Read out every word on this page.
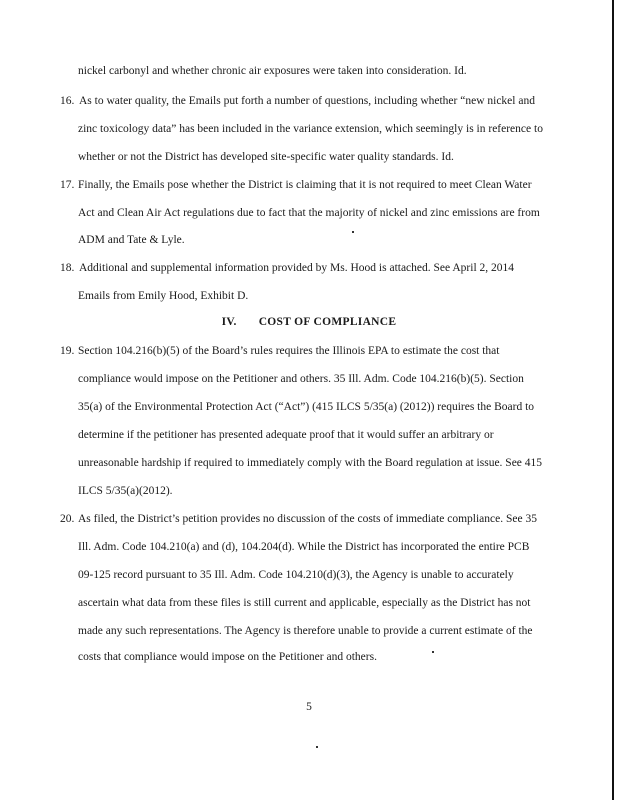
nickel carbonyl and whether chronic air exposures were taken into consideration. Id.
16. As to water quality, the Emails put forth a number of questions, including whether “new nickel and
zinc toxicology data” has been included in the variance extension, which seemingly is in reference to
whether or not the District has developed site-specific water quality standards. Id.
17. Finally, the Emails pose whether the District is claiming that it is not required to meet Clean Water
Act and Clean Air Act regulations due to fact that the majority of nickel and zinc emissions are from
ADM and Tate & Lyle.
18. Additional and supplemental information provided by Ms. Hood is attached. See April 2, 2014
Emails from Emily Hood, Exhibit D.
IV. COST OF COMPLIANCE
19. Section 104.216(b)(5) of the Board’s rules requires the Illinois EPA to estimate the cost that
compliance would impose on the Petitioner and others. 35 Ill. Adm. Code 104.216(b)(5). Section
35(a) of the Environmental Protection Act (“Act”) (415 ILCS 5/35(a) (2012)) requires the Board to
determine if the petitioner has presented adequate proof that it would suffer an arbitrary or
unreasonable hardship if required to immediately comply with the Board regulation at issue. See 415
ILCS 5/35(a)(2012).
20. As filed, the District’s petition provides no discussion of the costs of immediate compliance. See 35
Ill. Adm. Code 104.210(a) and (d), 104.204(d). While the District has incorporated the entire PCB
09-125 record pursuant to 35 Ill. Adm. Code 104.210(d)(3), the Agency is unable to accurately
ascertain what data from these files is still current and applicable, especially as the District has not
made any such representations. The Agency is therefore unable to provide a current estimate of the
costs that compliance would impose on the Petitioner and others.
5
